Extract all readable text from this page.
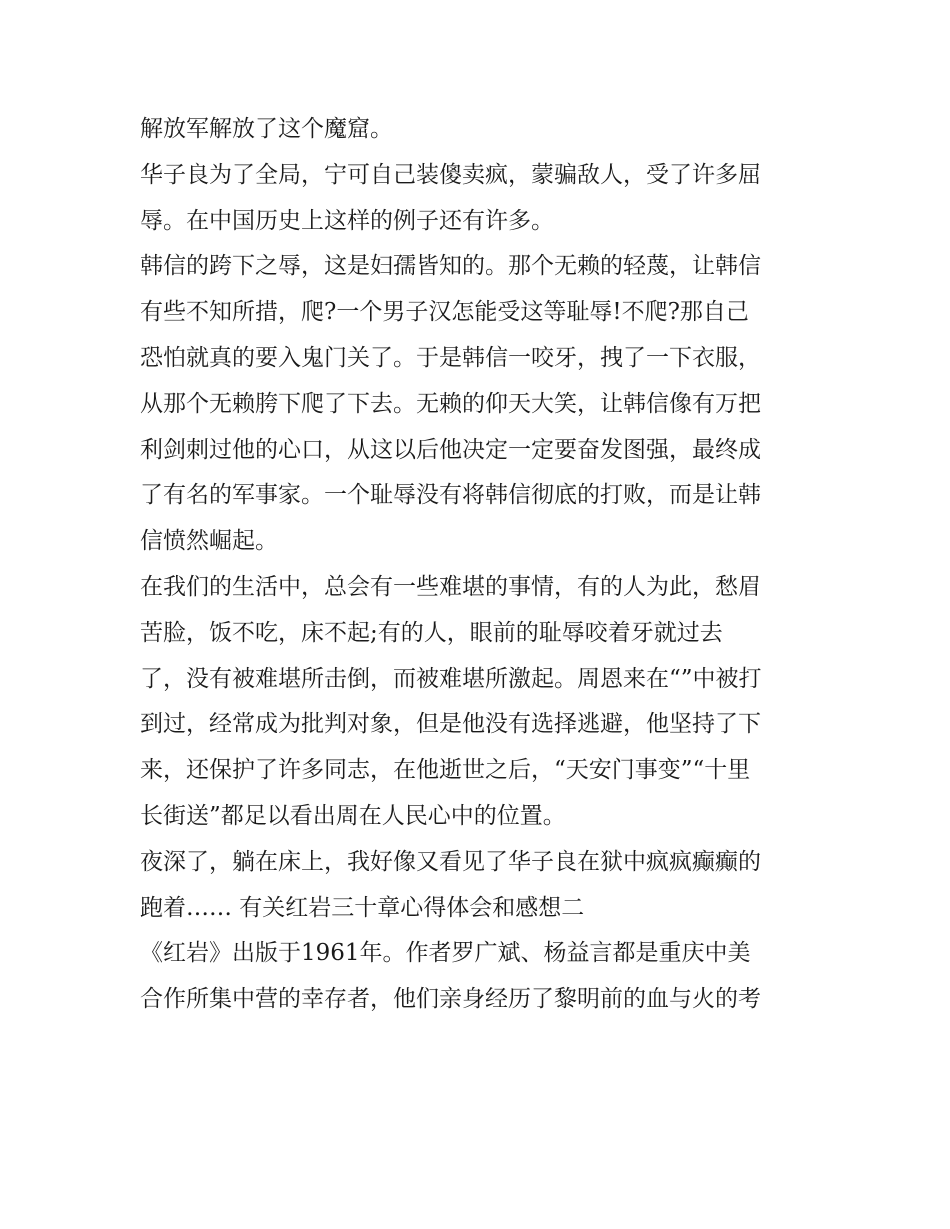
解放军解放了这个魔窟。
华子良为了全局，宁可自己装傻卖疯，蒙骗敌人，受了许多屈
辱。在中国历史上这样的例子还有许多。
韩信的跨下之辱，这是妇孺皆知的。那个无赖的轻蔑，让韩信
有些不知所措，爬?一个男子汉怎能受这等耻辱!不爬?那自己
恐怕就真的要入鬼门关了。于是韩信一咬牙，拽了一下衣服，
从那个无赖胯下爬了下去。无赖的仰天大笑，让韩信像有万把
利剑刺过他的心口，从这以后他决定一定要奋发图强，最终成
了有名的军事家。一个耻辱没有将韩信彻底的打败，而是让韩
信愤然崛起。
在我们的生活中，总会有一些难堪的事情，有的人为此，愁眉
苦脸，饭不吃，床不起;有的人，眼前的耻辱咬着牙就过去
了，没有被难堪所击倒，而被难堪所激起。周恩来在“”中被打
到过，经常成为批判对象，但是他没有选择逃避，他坚持了下
来，还保护了许多同志，在他逝世之后，“天安门事变”“十里
长街送”都足以看出周在人民心中的位置。
夜深了，躺在床上，我好像又看见了华子良在狱中疯疯癫癫的
跑着…… 有关红岩三十章心得体会和感想二
《红岩》出版于1961年。作者罗广斌、杨益言都是重庆中美
合作所集中营的幸存者，他们亲身经历了黎明前的血与火的考
